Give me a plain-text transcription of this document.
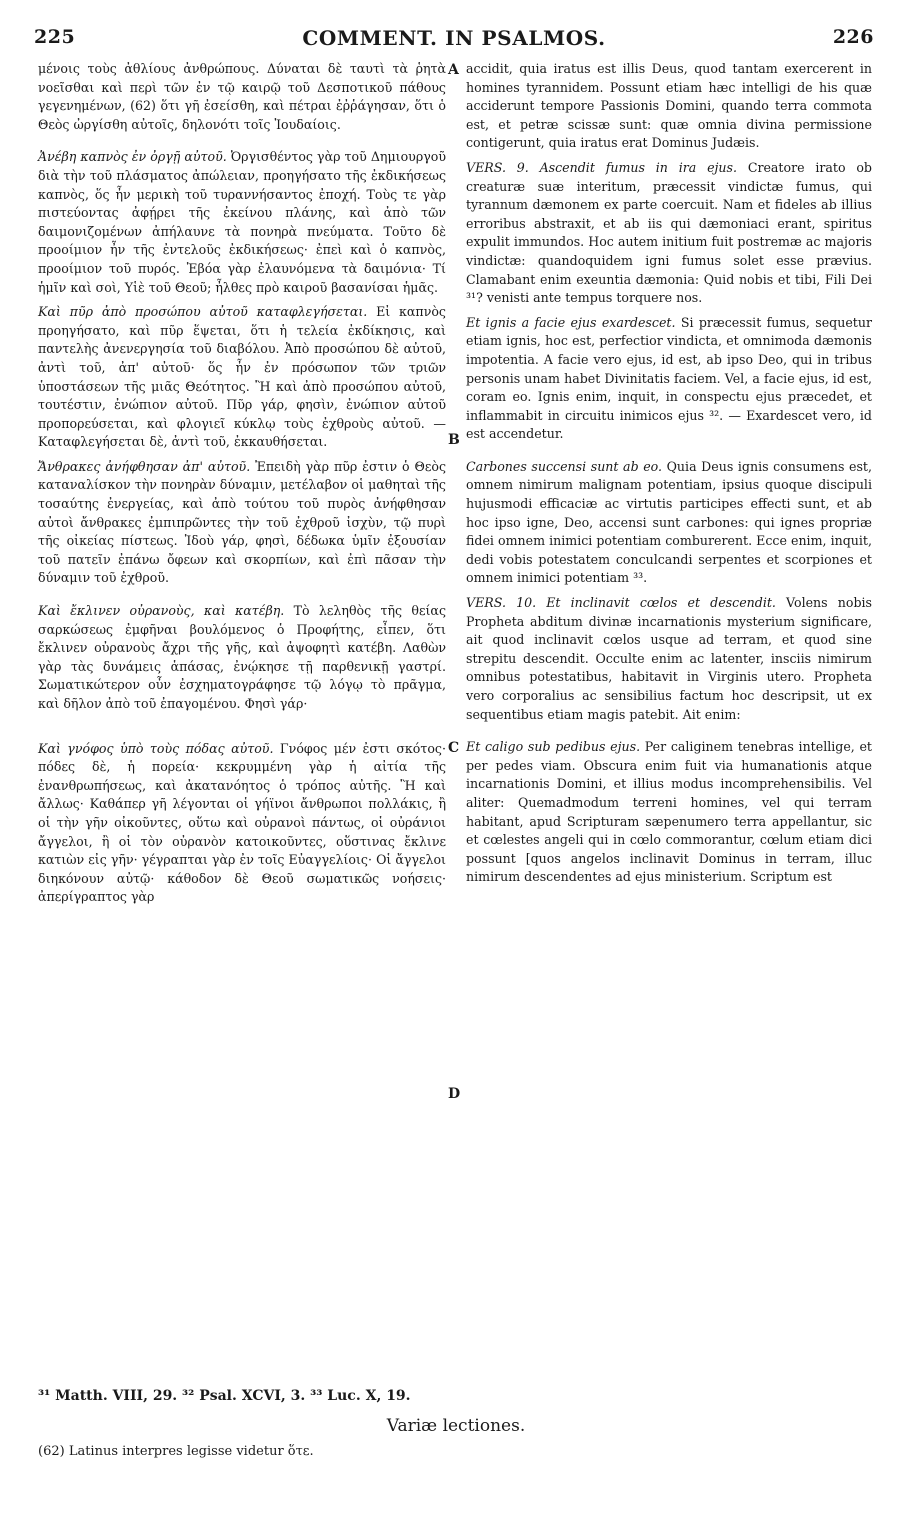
225	COMMENT. IN PSALMOS.	226
A
B
C
D

μένοις τοὺς ἀθλίους ἀνθρώπους. Δύναται δὲ ταυτὶ τὰ ῥητὰ νοεῖσθαι καὶ περὶ τῶν ἐν τῷ καιρῷ τοῦ Δεσποτικοῦ πάθους γεγενημένων, (62) ὅτι γῆ ἐσείσθη, καὶ πέτραι ἐῤῥάγησαν, ὅτι ὁ Θεὸς ὠργίσθη αὐτοῖς, δηλονότι τοῖς Ἰουδαίοις.

Ἀνέβη καπνὸς ἐν ὀργῇ αὐτοῦ. Ὀργισθέντος γὰρ τοῦ Δημιουργοῦ διὰ τὴν τοῦ πλάσματος ἀπώλειαν, προηγήσατο τῆς ἐκδικήσεως καπνὸς, ὅς ἦν μερικὴ τοῦ τυραννήσαντος ἐποχή. Τοὺς τε γὰρ πιστεύοντας ἀφῄρει τῆς ἐκείνου πλάνης, καὶ ἀπὸ τῶν δαιμονιζομένων ἀπήλαυνε τὰ πονηρὰ πνεύματα. Τοῦτο δὲ προοίμιον ἦν τῆς ἐντελοῦς ἐκδικήσεως· ἐπεὶ καὶ ὁ καπνὸς, προοίμιον τοῦ πυρός. Ἐβόα γὰρ ἐλαυνόμενα τὰ δαιμόνια· Τί ἡμῖν καὶ σοὶ, Υἱὲ τοῦ Θεοῦ; ἦλθες πρὸ καιροῦ βασανίσαι ἡμᾶς.

Καὶ πῦρ ἀπὸ προσώπου αὐτοῦ καταφλεγήσεται. Εἰ καπνὸς προηγήσατο, καὶ πῦρ ἕψεται, ὅτι ἡ τελεία ἐκδίκησις, καὶ παντελὴς ἀνενεργησία τοῦ διαβόλου. Ἀπὸ προσώπου δὲ αὐτοῦ, ἀντὶ τοῦ, ἀπ' αὐτοῦ· ὅς ἦν ἐν πρόσωπον τῶν τριῶν ὑποστάσεων τῆς μιᾶς Θεότητος. Ἢ καὶ ἀπὸ προσώπου αὐτοῦ, τουτέστιν, ἐνώπιον αὐτοῦ. Πῦρ γάρ, φησὶν, ἐνώπιον αὐτοῦ προπορεύσεται, καὶ φλογιεῖ κύκλῳ τοὺς ἐχθροὺς αὐτοῦ. —Καταφλεγήσεται δὲ, ἀντὶ τοῦ, ἐκκαυθήσεται.

Ἄνθρακες ἀνήφθησαν ἀπ' αὐτοῦ. Ἐπειδὴ γὰρ πῦρ ἐστιν ὁ Θεὸς καταναλίσκον τὴν πονηρὰν δύναμιν, μετέλαβον οἱ μαθηταὶ τῆς τοσαύτης ἐνεργείας, καὶ ἀπὸ τούτου τοῦ πυρὸς ἀνήφθησαν αὐτοὶ ἄνθρακες ἐμπιπρῶντες τὴν τοῦ ἐχθροῦ ἰσχὺν, τῷ πυρὶ τῆς οἰκείας πίστεως. Ἰδοὺ γάρ, φησὶ, δέδωκα ὑμῖν ἐξουσίαν τοῦ πατεῖν ἐπάνω ὄφεων καὶ σκορπίων, καὶ ἐπὶ πᾶσαν τὴν δύναμιν τοῦ ἐχθροῦ.

Καὶ ἔκλινεν οὐρανοὺς, καὶ κατέβη. Τὸ λεληθὸς τῆς θείας σαρκώσεως ἐμφῆναι βουλόμενος ὁ Προφήτης, εἶπεν, ὅτι ἔκλινεν οὐρανοὺς ἄχρι τῆς γῆς, καὶ ἀψοφητὶ κατέβη. Λαθὼν γὰρ τὰς δυνάμεις ἁπάσας, ἐνῴκησε τῇ παρθενικῇ γαστρί. Σωματικώτερον οὖν ἐσχηματογράφησε τῷ λόγῳ τὸ πρᾶγμα, καὶ δῆλον ἀπὸ τοῦ ἐπαγομένου. Φησὶ γάρ·

Καὶ γνόφος ὑπὸ τοὺς πόδας αὐτοῦ. Γνόφος μέν ἐστι σκότος· πόδες δὲ, ἡ πορεία· κεκρυμμένη γὰρ ἡ αἰτία τῆς ἐνανθρωπήσεως, καὶ ἀκατανόητος ὁ τρόπος αὐτῆς. Ἢ καὶ ἄλλως· Καθάπερ γῆ λέγονται οἱ γήϊνοι ἄνθρωποι πολλάκις, ἢ οἱ τὴν γῆν οἰκοῦντες, οὕτω καὶ οὐρανοὶ πάντως, οἱ οὐράνιοι ἄγγελοι, ἢ οἱ τὸν οὐρανὸν κατοικοῦντες, οὕστινας ἔκλινε κατιὼν εἰς γῆν· γέγραπται γὰρ ἐν τοῖς Εὐαγγελίοις· Οἱ ἄγγελοι διηκόνουν αὐτῷ· κάθοδον δὲ Θεοῦ σωματικῶς νοήσεις· ἀπερίγραπτος γὰρ

accidit, quia iratus est illis Deus, quod tantam exercerent in homines tyrannidem. Possunt etiam hæc intelligi de his quæ acciderunt tempore Passionis Domini, quando terra commota est, et petræ scissæ sunt: quæ omnia divina permissione contigerunt, quia iratus erat Dominus Judæis.

VERS. 9. Ascendit fumus in ira ejus. Creatore irato ob creaturæ suæ interitum, præcessit vindictæ fumus, qui tyrannum dæmonem ex parte coercuit. Nam et fideles ab illius erroribus abstraxit, et ab iis qui dæmoniaci erant, spiritus expulit immundos. Hoc autem initium fuit postremæ ac majoris vindictæ: quandoquidem igni fumus solet esse prævius. Clamabant enim exeuntia dæmonia: Quid nobis et tibi, Fili Dei ³¹? venisti ante tempus torquere nos.

Et ignis a facie ejus exardescet. Si præcessit fumus, sequetur etiam ignis, hoc est, perfectior vindicta, et omnimoda dæmonis impotentia. A facie vero ejus, id est, ab ipso Deo, qui in tribus personis unam habet Divinitatis faciem. Vel, a facie ejus, id est, coram eo. Ignis enim, inquit, in conspectu ejus præcedet, et inflammabit in circuitu inimicos ejus ³². — Exardescet vero, id est accendetur.

Carbones succensi sunt ab eo. Quia Deus ignis consumens est, omnem nimirum malignam potentiam, ipsius quoque discipuli hujusmodi efficaciæ ac virtutis participes effecti sunt, et ab hoc ipso igne, Deo, accensi sunt carbones: qui ignes propriæ fidei omnem inimici potentiam comburerent. Ecce enim, inquit, dedi vobis potestatem conculcandi serpentes et scorpiones et omnem inimici potentiam ³³.

VERS. 10. Et inclinavit cœlos et descendit. Volens nobis Propheta abditum divinæ incarnationis mysterium significare, ait quod inclinavit cœlos usque ad terram, et quod sine strepitu descendit. Occulte enim ac latenter, insciis nimirum omnibus potestatibus, habitavit in Virginis utero. Propheta vero corporalius ac sensibilius factum hoc descripsit, ut ex sequentibus etiam magis patebit. Ait enim:

Et caligo sub pedibus ejus. Per caliginem tenebras intellige, et per pedes viam. Obscura enim fuit via humanationis atque incarnationis Domini, et illius modus incomprehensibilis. Vel aliter: Quemadmodum terreni homines, vel qui terram habitant, apud Scripturam sæpenumero terra appellantur, sic et cœlestes angeli qui in cœlo commorantur, cœlum etiam dici possunt [quos angelos inclinavit Dominus in terram, illuc nimirum descendentes ad ejus ministerium. Scriptum est

³¹ Matth. VIII, 29. ³² Psal. XCVI, 3. ³³ Luc. X, 19.

Variæ lectiones.

(62) Latinus interpres legisse videtur ὅτε.
